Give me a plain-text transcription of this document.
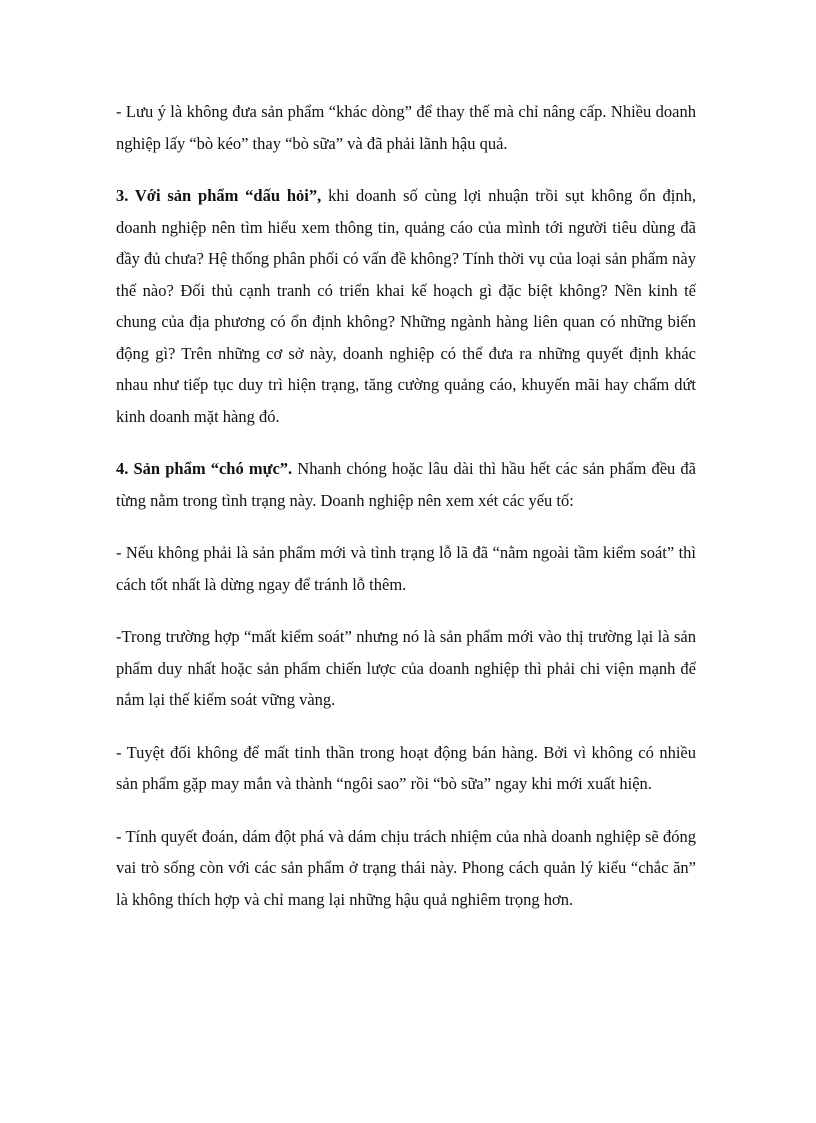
- Lưu ý là không đưa sản phẩm “khác dòng” để thay thế mà chỉ nâng cấp. Nhiều doanh nghiệp lấy “bò kéo” thay “bò sữa” và đã phải lãnh hậu quả.

3. Với sản phẩm “dấu hỏi”, khi doanh số cùng lợi nhuận trồi sụt không ổn định, doanh nghiệp nên tìm hiểu xem thông tin, quảng cáo của mình tới người tiêu dùng đã đầy đủ chưa? Hệ thống phân phối có vấn đề không? Tính thời vụ của loại sản phẩm này thế nào? Đối thủ cạnh tranh có triển khai kế hoạch gì đặc biệt không? Nền kinh tế chung của địa phương có ổn định không? Những ngành hàng liên quan có những biến động gì? Trên những cơ sở này, doanh nghiệp có thể đưa ra những quyết định khác nhau như tiếp tục duy trì hiện trạng, tăng cường quảng cáo, khuyến mãi hay chấm dứt kinh doanh mặt hàng đó.

4. Sản phẩm “chó mực”. Nhanh chóng hoặc lâu dài thì hầu hết các sản phẩm đều đã từng nằm trong tình trạng này. Doanh nghiệp nên xem xét các yếu tố:

- Nếu không phải là sản phẩm mới và tình trạng lỗ lã đã “nằm ngoài tầm kiểm soát” thì cách tốt nhất là dừng ngay để tránh lỗ thêm.

-Trong trường hợp “mất kiểm soát” nhưng nó là sản phẩm mới vào thị trường lại là sản phẩm duy nhất hoặc sản phẩm chiến lược của doanh nghiệp thì phải chi viện mạnh để nắm lại thế kiểm soát vững vàng.

- Tuyệt đối không để mất tinh thần trong hoạt động bán hàng. Bởi vì không có nhiều sản phẩm gặp may mắn và thành “ngôi sao” rồi “bò sữa” ngay khi mới xuất hiện.

- Tính quyết đoán, dám đột phá và dám chịu trách nhiệm của nhà doanh nghiệp sẽ đóng vai trò sống còn với các sản phẩm ở trạng thái này. Phong cách quản lý kiểu “chắc ăn” là không thích hợp và chỉ mang lại những hậu quả nghiêm trọng hơn.
